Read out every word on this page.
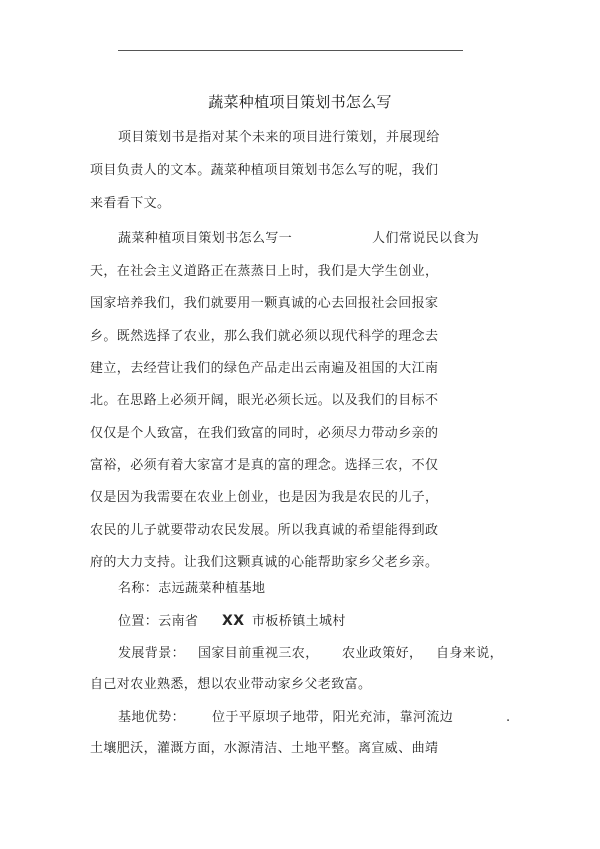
蔬菜种植项目策划书怎么写
项目策划书是指对某个未来的项目进行策划，并展现给
项目负责人的文本。蔬菜种植项目策划书怎么写的呢，我们
来看看下文。
蔬菜种植项目策划书怎么写一	人们常说民以食为
天，在社会主义道路正在蒸蒸日上时，我们是大学生创业，
国家培养我们，我们就要用一颗真诚的心去回报社会回报家
乡。既然选择了农业，那么我们就必须以现代科学的理念去
建立，去经营让我们的绿色产品走出云南遍及祖国的大江南
北。在思路上必须开阔，眼光必须长远。以及我们的目标不
仅仅是个人致富，在我们致富的同时，必须尽力带动乡亲的
富裕，必须有着大家富才是真的富的理念。选择三农，不仅
仅是因为我需要在农业上创业，也是因为我是农民的儿子，
农民的儿子就要带动农民发展。所以我真诚的希望能得到政
府的大力支持。让我们这颗真诚的心能帮助家乡父老乡亲。
名称：志远蔬菜种植基地
位置：云南省 XX 市板桥镇土城村
发展背景： 国家目前重视三农， 农业政策好， 自身来说，
自己对农业熟悉，想以农业带动家乡父老致富。
基地优势： 位于平原坝子地带，阳光充沛，靠河流边	.
土壤肥沃，灌溉方面，水源清洁、土地平整。离宣威、曲靖
